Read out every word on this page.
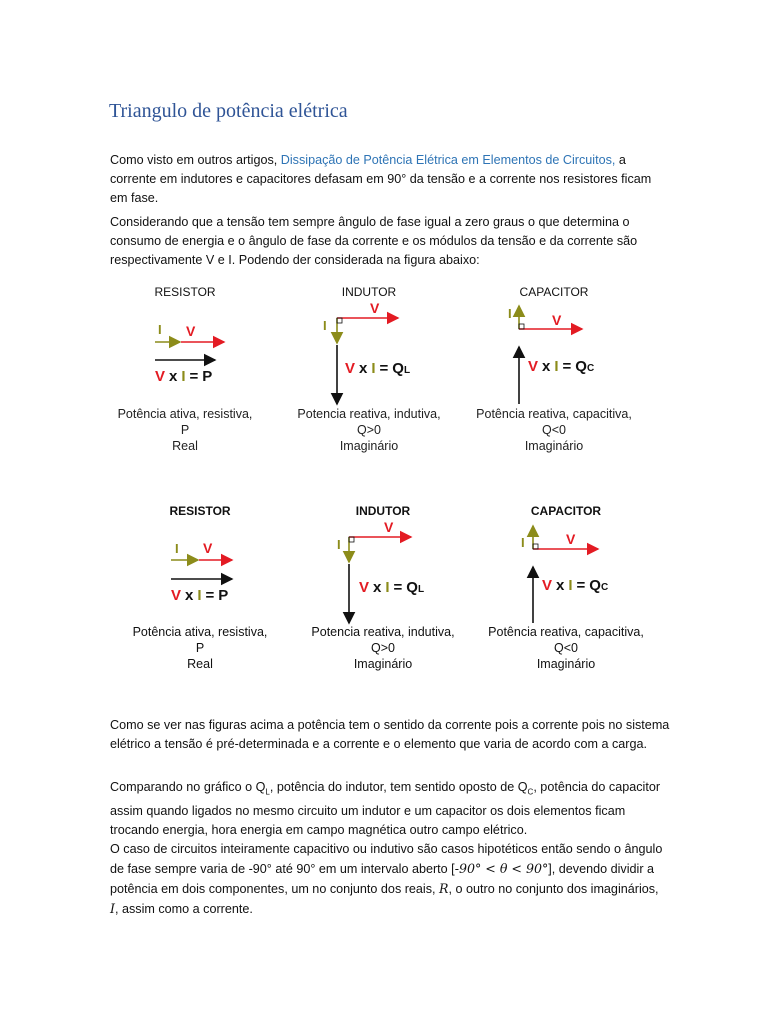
Triangulo de potência elétrica

Como visto em outros artigos, Dissipação de Potência Elétrica em Elementos de Circuitos, a corrente em indutores e capacitores defasam em 90° da tensão e a corrente nos resistores ficam em fase.

Considerando que a tensão tem sempre ângulo de fase igual a zero graus o que determina o consumo de energia e o ângulo de fase da corrente e os módulos da tensão e da corrente são respectivamente V e I. Podendo der considerada na figura abaixo:

RESISTOR
I V
V x I = P
Potência ativa, resistiva,
P
Real
INDUTOR
V
I
V x I = QL
Potencia reativa, indutiva,
Q>0
Imaginário
CAPACITOR
I	V
V x I = QC
Potência reativa, capacitiva,
Q<0
Imaginário
RESISTOR
I V
V x I = P
Potência ativa, resistiva,
P
Real
INDUTOR
V
I
V x I = QL
Potencia reativa, indutiva,
Q>0
Imaginário
CAPACITOR
I	V
V x I = QC
Potência reativa, capacitiva,
Q<0
Imaginário

Como se ver nas figuras acima a potência tem o sentido da corrente pois a corrente pois no sistema elétrico a tensão é pré-determinada e a corrente e o elemento que varia de acordo com a carga.

Comparando no gráfico o $Q_L$, potência do indutor, tem sentido oposto de $Q_C$, potência do capacitor assim quando ligados no mesmo circuito um indutor e um capacitor os dois elementos ficam trocando energia, hora energia em campo magnética outro campo elétrico.

O caso de circuitos inteiramente capacitivo ou indutivo são casos hipotéticos então sendo o ângulo de fase sempre varia de -90° até 90° em um intervalo aberto [-90° < θ < 90°], devendo dividir a potência em dois componentes, um no conjunto dos reais, R, o outro no conjunto dos imaginários, I, assim como a corrente.
